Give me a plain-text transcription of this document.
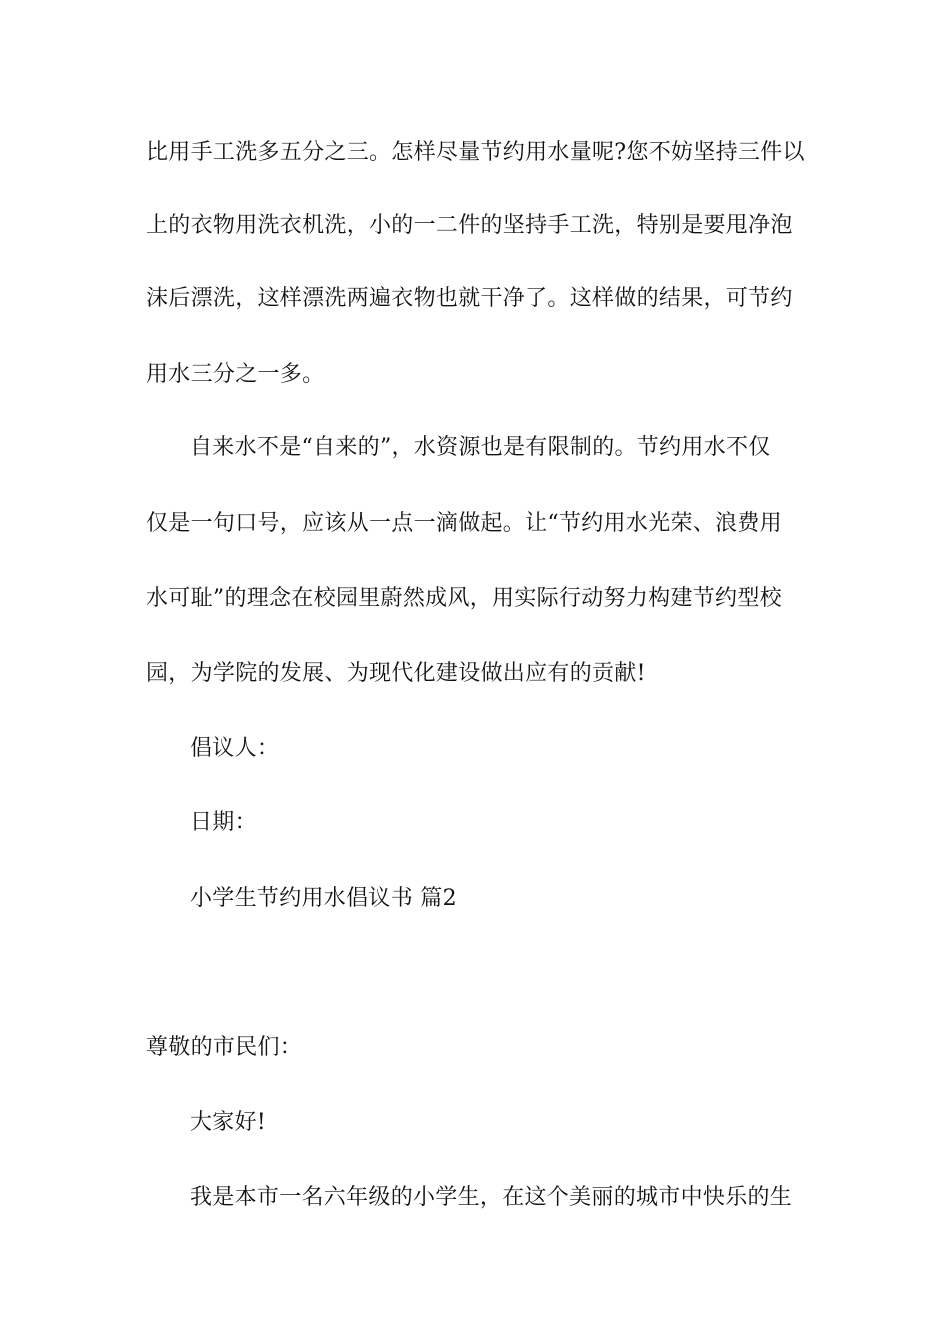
比用手工洗多五分之三。怎样尽量节约用水量呢?您不妨坚持三件以
上的衣物用洗衣机洗，小的一二件的坚持手工洗，特别是要甩净泡
沫后漂洗，这样漂洗两遍衣物也就干净了。这样做的结果，可节约
用水三分之一多。
自来水不是“自来的”，水资源也是有限制的。节约用水不仅
仅是一句口号，应该从一点一滴做起。让“节约用水光荣、浪费用
水可耻”的理念在校园里蔚然成风，用实际行动努力构建节约型校
园，为学院的发展、为现代化建设做出应有的贡献!
倡议人：
日期：
小学生节约用水倡议书 篇2
尊敬的市民们：
大家好!
我是本市一名六年级的小学生，在这个美丽的城市中快乐的生
